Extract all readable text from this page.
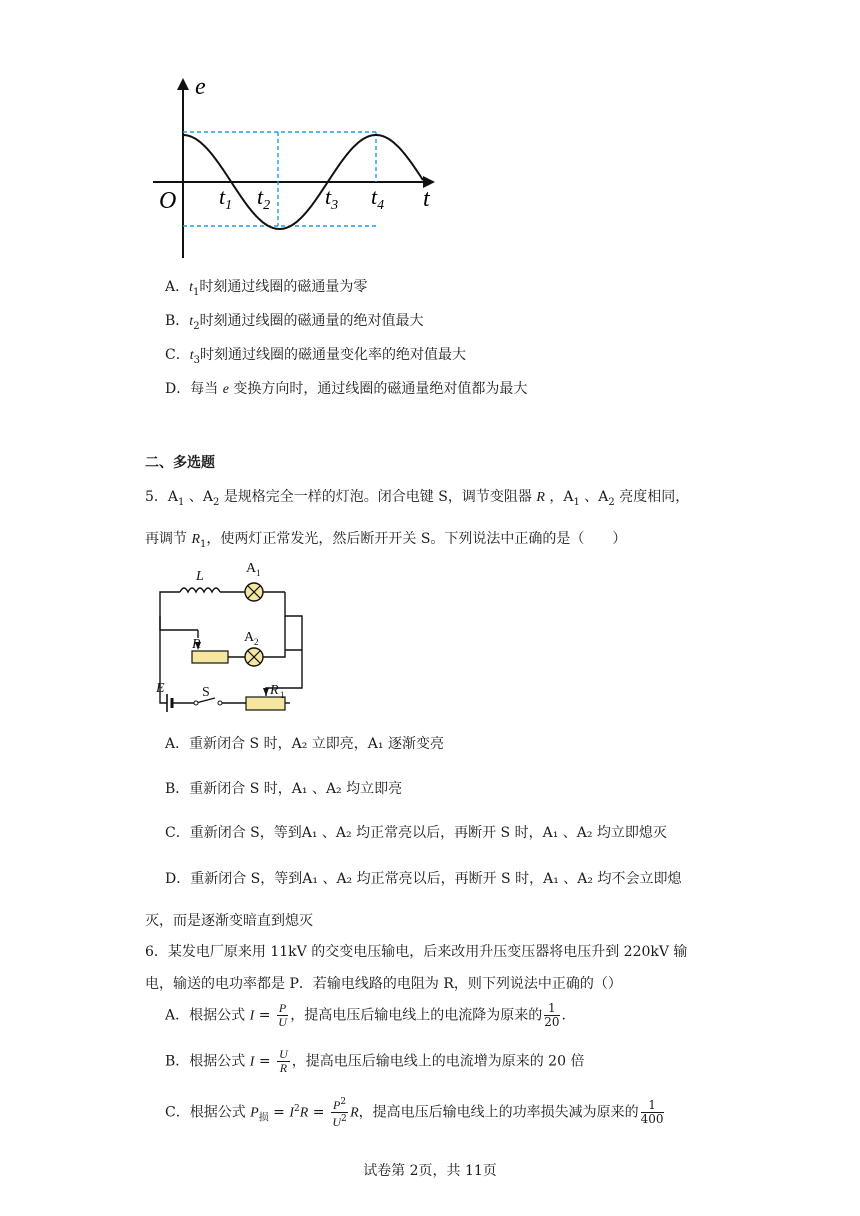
e
t
O $t_1$ $t_2$ $t_3$ $t_4$
A．$t_1$时刻通过线圈的磁通量为零
B．$t_2$时刻通过线圈的磁通量的绝对值最大
C．$t_3$时刻通过线圈的磁通量变化率的绝对值最大
D．每当 e 变换方向时，通过线圈的磁通量绝对值都为最大
二、多选题
5．$A_1$ 、$A_2$ 是规格完全一样的灯泡。闭合电键 S，调节变阻器 R ，$A_1$ 、$A_2$ 亮度相同，
再调节 $R_1$，使两灯正常发光，然后断开开关 S。下列说法中正确的是（　　）
L
A 1
A 2
R
E	S	R 1
A．重新闭合 S 时，A₂ 立即亮，A₁ 逐渐变亮
B．重新闭合 S 时，A₁ 、A₂ 均立即亮
C．重新闭合 S，等到A₁ 、A₂ 均正常亮以后，再断开 S 时，A₁ 、A₂ 均立即熄灭
D．重新闭合 S，等到A₁ 、A₂ 均正常亮以后，再断开 S 时，A₁ 、A₂ 均不会立即熄
灭，而是逐渐变暗直到熄灭
6．某发电厂原来用 11kV 的交变电压输电，后来改用升压变压器将电压升到 220kV 输
电，输送的电功率都是 P．若输电线路的电阻为 R，则下列说法中正确的（）
A．根据公式 $I = \frac{P}{U}$ ，提高电压后输电线上的电流降为原来的 $\frac{1}{20}$ .
B．根据公式 $I = \frac{U}{R}$ ，提高电压后输电线上的电流增为原来的 20 倍
C．根据公式 $P_损 = I^2R = \frac{P^2}{U^2}$ R，提高电压后输电线上的功率损失减为原来的 $\frac{1}{400}$
试卷第 2页，共 11页
